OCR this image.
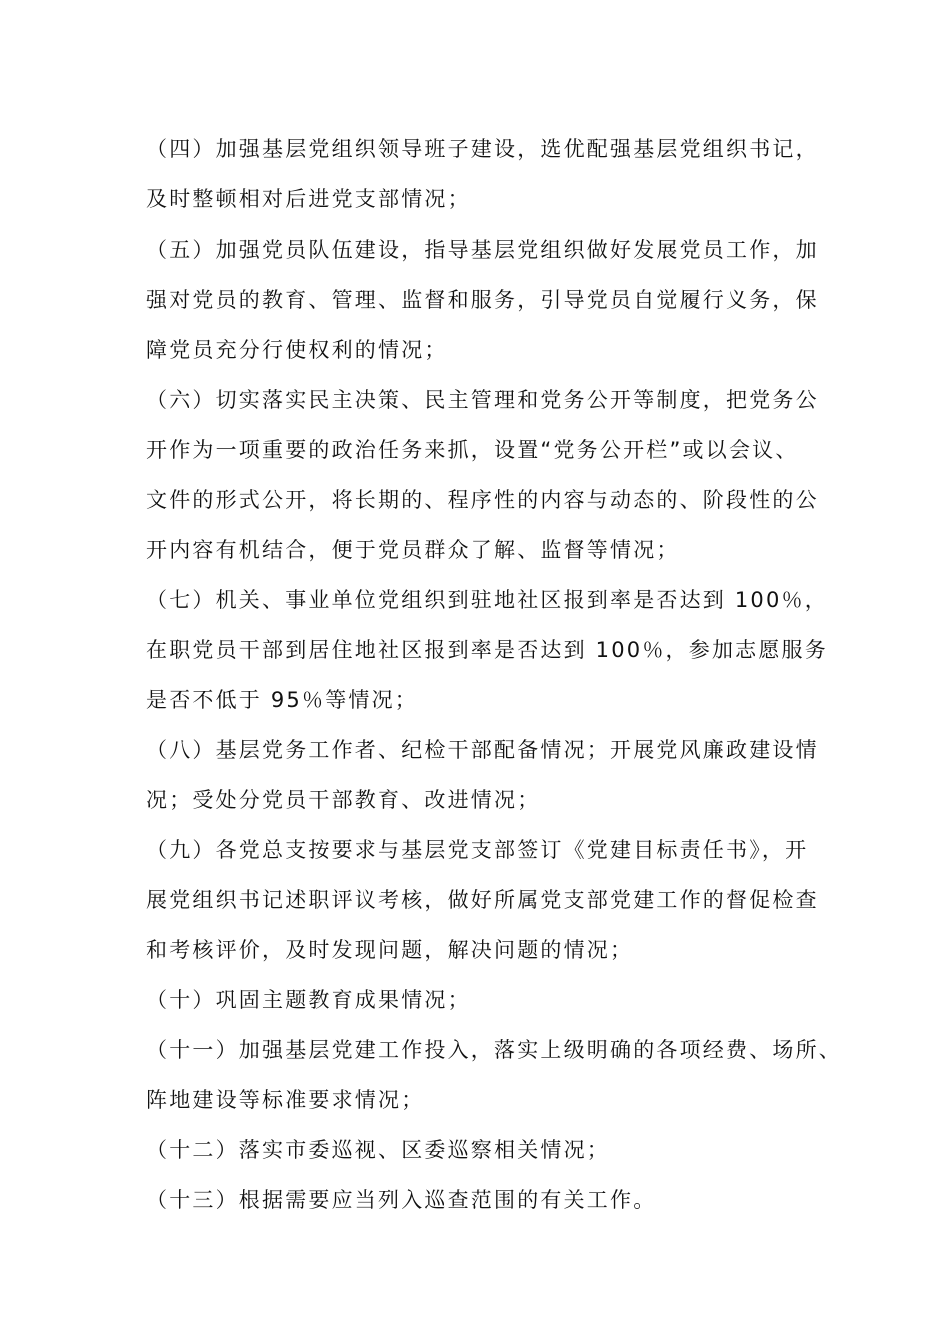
（四）加强基层党组织领导班子建设，选优配强基层党组织书记，
及时整顿相对后进党支部情况；
（五）加强党员队伍建设，指导基层党组织做好发展党员工作，加
强对党员的教育、管理、监督和服务，引导党员自觉履行义务，保
障党员充分行使权利的情况；
（六）切实落实民主决策、民主管理和党务公开等制度，把党务公
开作为一项重要的政治任务来抓，设置“党务公开栏”或以会议、
文件的形式公开，将长期的、程序性的内容与动态的、阶段性的公
开内容有机结合，便于党员群众了解、监督等情况；
（七）机关、事业单位党组织到驻地社区报到率是否达到 100％，
在职党员干部到居住地社区报到率是否达到 100％，参加志愿服务
是否不低于 95％等情况；
（八）基层党务工作者、纪检干部配备情况；开展党风廉政建设情
况；受处分党员干部教育、改进情况；
（九）各党总支按要求与基层党支部签订《党建目标责任书》，开
展党组织书记述职评议考核，做好所属党支部党建工作的督促检查
和考核评价，及时发现问题，解决问题的情况；
（十）巩固主题教育成果情况；
（十一）加强基层党建工作投入，落实上级明确的各项经费、场所、
阵地建设等标准要求情况；
（十二）落实市委巡视、区委巡察相关情况；
（十三）根据需要应当列入巡查范围的有关工作。
